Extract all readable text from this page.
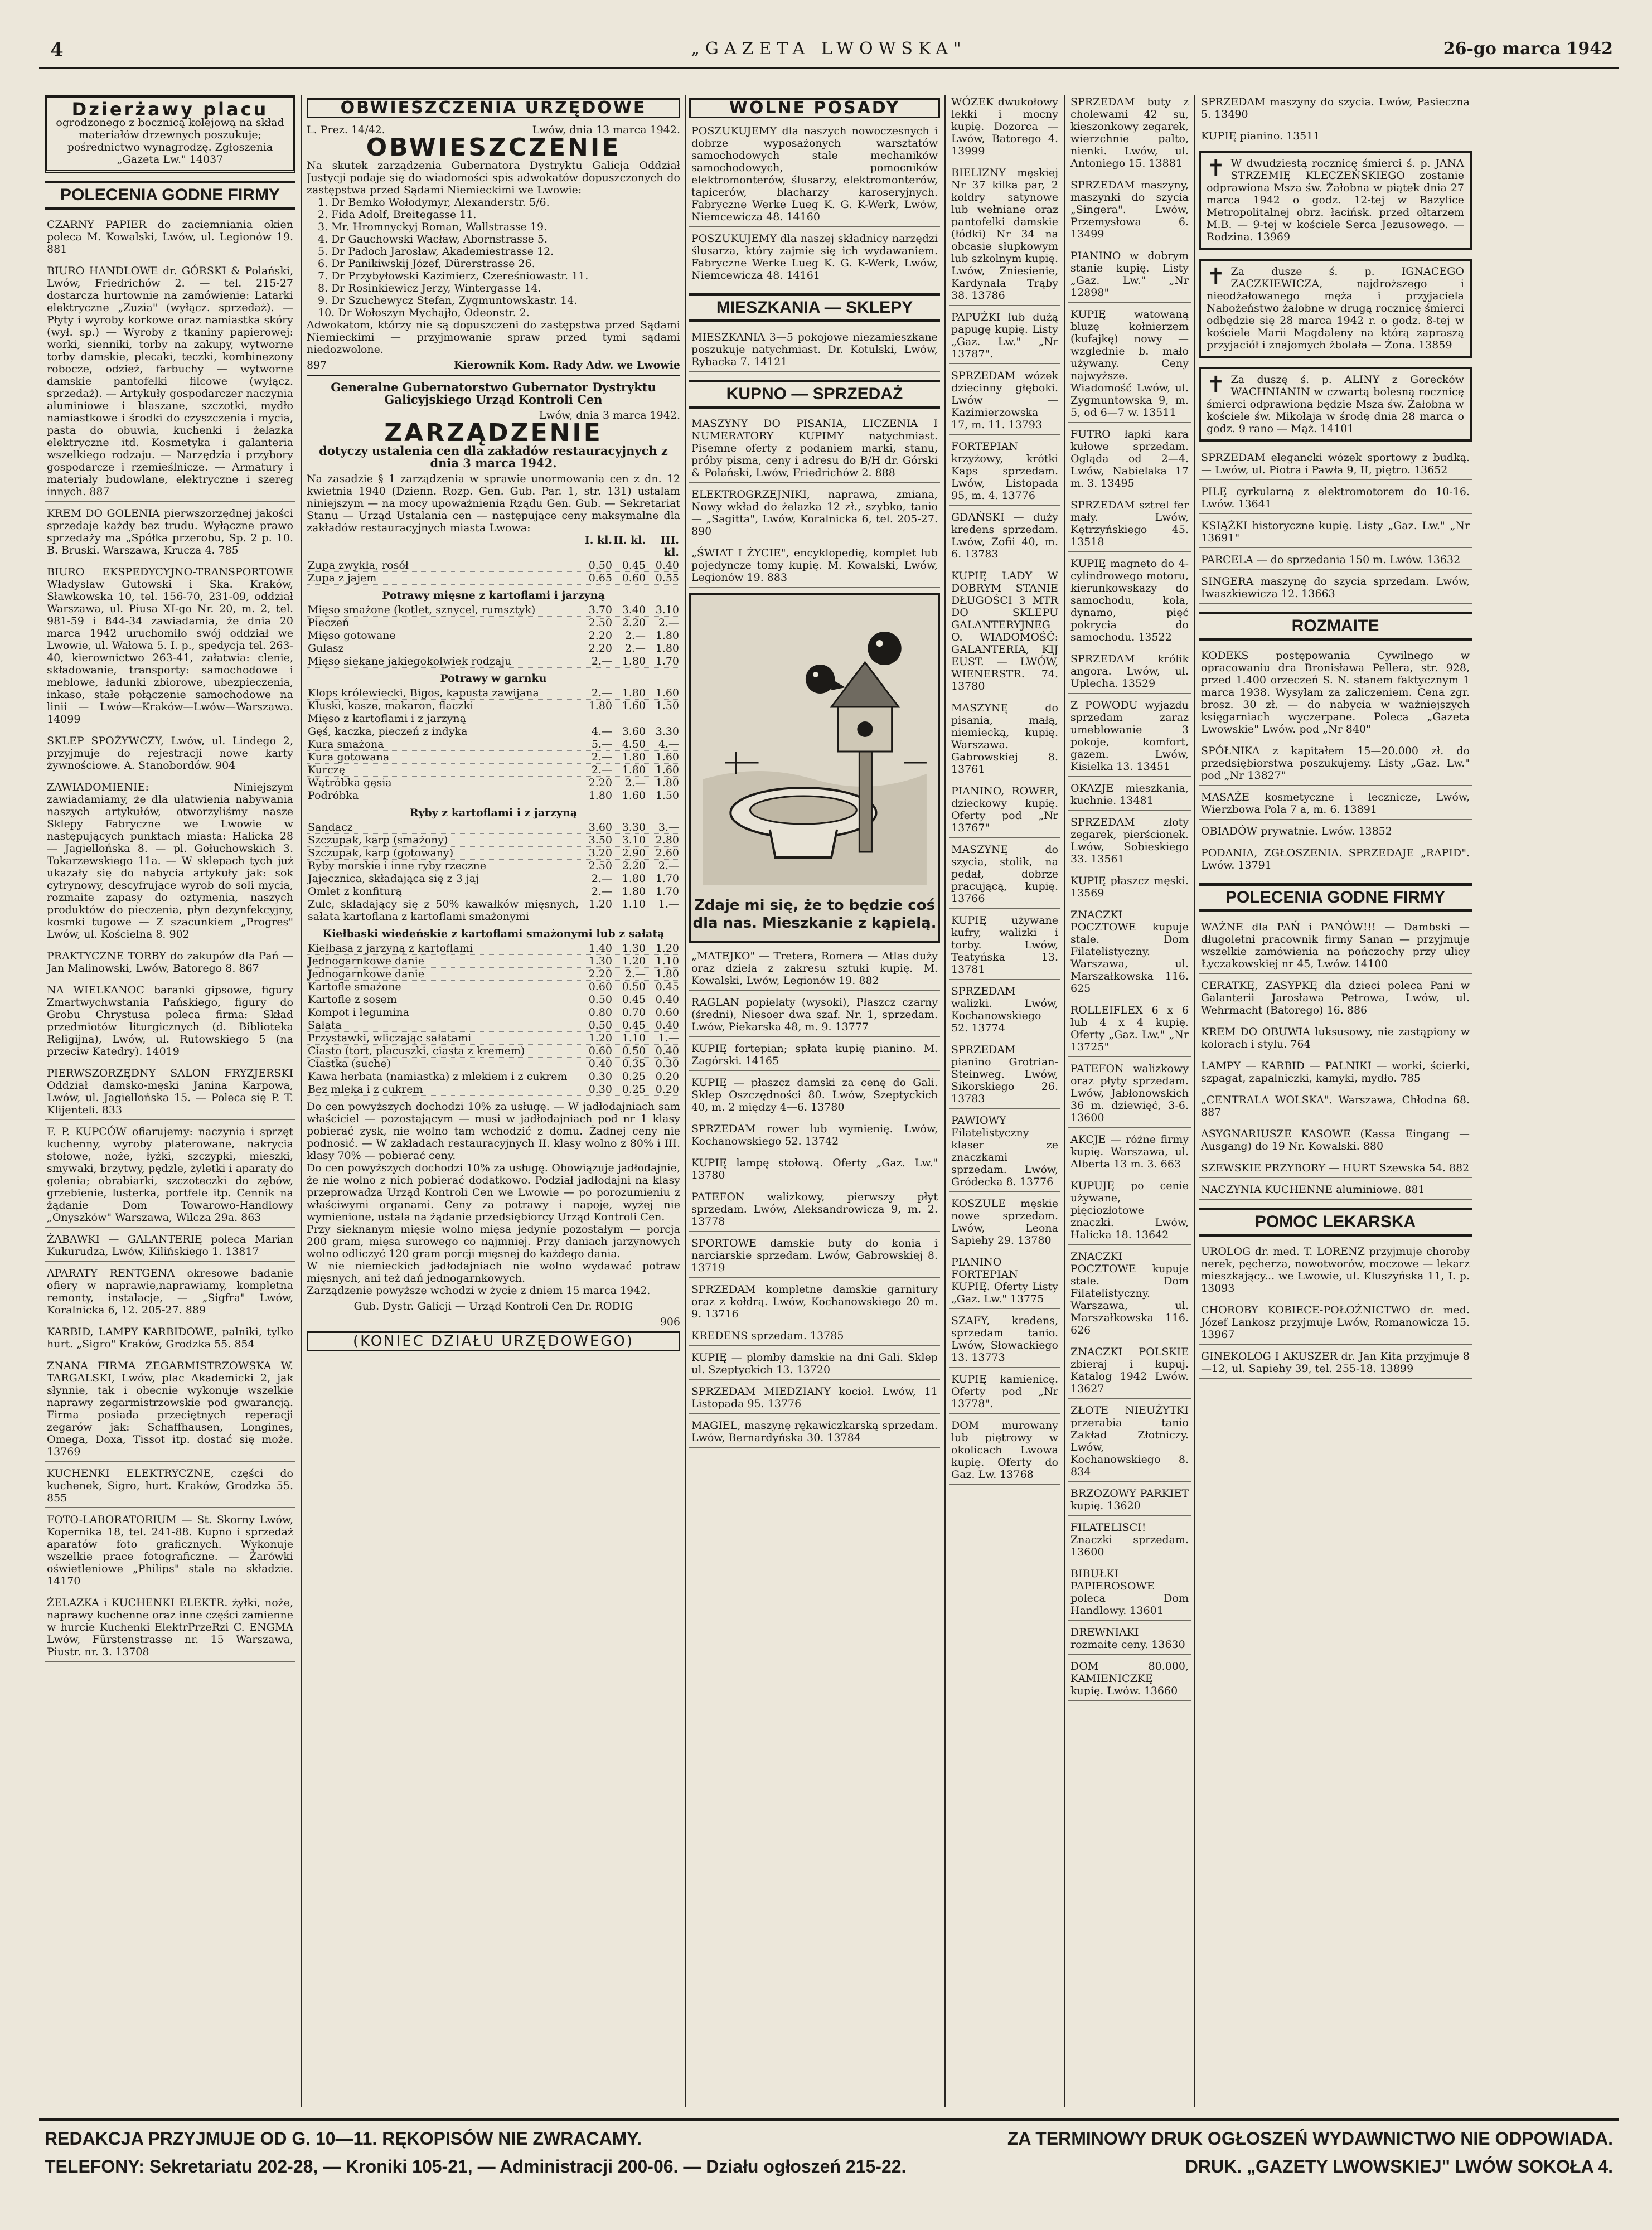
4	„GAZETA LWOWSKA"	26-go marca 1942
Dzierżawy placu
ogrodzonego z bocznicą kolejową na skład materiałów drzewnych poszukuje; pośrednictwo wynagrodzę. Zgłoszenia „Gazeta Lw." 14037
POLECENIA GODNE FIRMY
CZARNY PAPIER do zaciemniania okien poleca M. Kowalski, Lwów, ul. Legionów 19. 881
BIURO HANDLOWE dr. GÓRSKI & Polański, Lwów, Friedrichów 2. — tel. 215-27 dostarcza hurtownie na zamówienie: Latarki elektryczne „Zuzia" (wyłącz. sprzedaż). — Płyty i wyroby korkowe oraz namiastka skóry (wył. sp.) — Wyroby z tkaniny papierowej: worki, sienniki, torby na zakupy, wytworne torby damskie, plecaki, teczki, kombinezony robocze, odzież, farbuchy — wytworne damskie pantofelki filcowe (wyłącz. sprzedaż). — Artykuły gospodarczer naczynia aluminiowe i blaszane, szczotki, mydło namiastkowe i środki do czyszczenia i mycia, pasta do obuwia, kuchenki i żelazka elektryczne itd. Kosmetyka i galanteria wszelkiego rodzaju. — Narzędzia i przybory gospodarcze i rzemieślnicze. — Armatury i materiały budowlane, elektryczne i szereg innych. 887
KREM DO GOLENIA pierwszorzędnej jakości sprzedaje każdy bez trudu. Wyłączne prawo sprzedaży ma „Spółka przerobu, Sp. 2 p. 10. B. Bruski. Warszawa, Krucza 4. 785
BIURO EKSPEDYCYJNO-TRANSPORTOWE Władysław Gutowski i Ska. Kraków, Sławkowska 10, tel. 156-70, 231-09, oddział Warszawa, ul. Piusa XI-go Nr. 20, m. 2, tel. 981-59 i 844-34 zawiadamia, że dnia 20 marca 1942 uruchomiło swój oddział we Lwowie, ul. Wałowa 5. I. p., spedycja tel. 263-40, kierownictwo 263-41, załatwia: clenie, składowanie, transporty: samochodowe i meblowe, ładunki zbiorowe, ubezpieczenia, inkaso, stałe połączenie samochodowe na linii — Lwów—Kraków—Lwów—Warszawa. 14099
SKLEP SPOŻYWCZY, Lwów, ul. Lindego 2, przyjmuje do rejestracji nowe karty żywnościowe. A. Stanobordów. 904
ZAWIADOMIENIE: Niniejszym zawiadamiamy, że dla ułatwienia nabywania naszych artykułów, otworzyliśmy nasze Sklepy Fabryczne we Lwowie w następujących punktach miasta: Halicka 28 — Jagiellońska 8. — pl. Gołuchowskich 3. Tokarzewskiego 11a. — W sklepach tych już ukazały się do nabycia artykuły jak: sok cytrynowy, descyfrujące wyrob do soli mycia, rozmaite zapasy do oztymenia, naszych produktów do pieczenia, płyn dezynfekcyjny, kosmki tugowe — Z szacunkiem „Progres" Lwów, ul. Kościelna 8. 902
PRAKTYCZNE TORBY do zakupów dla Pań — Jan Malinowski, Lwów, Batorego 8. 867
NA WIELKANOC baranki gipsowe, figury Zmartwychwstania Pańskiego, figury do Grobu Chrystusa poleca firma: Skład przedmiotów liturgicznych (d. Biblioteka Religijna), Lwów, ul. Rutowskiego 5 (na przeciw Katedry). 14019
PIERWSZORZĘDNY SALON FRYZJERSKI Oddział damsko-męski Janina Karpowa, Lwów, ul. Jagiellońska 15. — Poleca się P. T. Klijenteli. 833
F. P. KUPCÓW ofiarujemy: naczynia i sprzęt kuchenny, wyroby platerowane, nakrycia stołowe, noże, łyżki, szczypki, mieszki, smywaki, brzytwy, pędzle, żyletki i aparaty do golenia; obrabiarki, szczoteczki do zębów, grzebienie, lusterka, portfele itp. Cennik na żądanie Dom Towarowo-Handlowy „Onyszków" Warszawa, Wilcza 29a. 863
ŻABAWKI — GALANTERIĘ poleca Marian Kukurudza, Lwów, Kilińskiego 1. 13817
APARATY RENTGENA okresowe badanie ofiery w naprawie,naprawiamy, kompletna remonty, instalacje, — „Sigfra" Lwów, Koralnicka 6, 12. 205-27. 889
KARBID, LAMPY KARBIDOWE, palniki, tylko hurt. „Sigro" Kraków, Grodzka 55. 854
ZNANA FIRMA ZEGARMISTRZOWSKA W. TARGALSKI, Lwów, plac Akademicki 2, jak słynnie, tak i obecnie wykonuje wszelkie naprawy zegarmistrzowskie pod gwarancją. Firma posiada przeciętnych reperacji zegarów jak: Schaffhausen, Longines, Omega, Doxa, Tissot itp. dostać się może. 13769
KUCHENKI ELEKTRYCZNE, części do kuchenek, Sigro, hurt. Kraków, Grodzka 55. 855
FOTO-LABORATORIUM — St. Skorny Lwów, Kopernika 18, tel. 241-88. Kupno i sprzedaż aparatów foto graficznych. Wykonuje wszelkie prace fotograficzne. — Żarówki oświetleniowe „Philips" stale na składzie. 14170
ŻELAZKA i KUCHENKI ELEKTR. żyłki, noże, naprawy kuchenne oraz inne części zamienne w hurcie Kuchenki ElektrPrzeRzi C. ENGMA Lwów, Fürstenstrasse nr. 15 Warszawa, Piustr. nr. 3. 13708
OBWIESZCZENIA URZĘDOWE
L. Prez. 14/42.	Lwów, dnia 13 marca 1942.
OBWIESZCZENIE
Na skutek zarządzenia Gubernatora Dystryktu Galicja Oddział Justycji podaje się do wiadomości spis adwokatów dopuszczonych do zastępstwa przed Sądami Niemieckimi we Lwowie:
1. Dr Bemko Wołodymyr, Alexanderstr. 5/6.
2. Fida Adolf, Breitegasse 11.
3. Mr. Hromnyckyj Roman, Wallstrasse 19.
4. Dr Gauchowski Wacław, Abornstrasse 5.
5. Dr Padoch Jarosław, Akademiestrasse 12.
6. Dr Panikiwskij Józef, Dürerstrasse 26.
7. Dr Przybyłowski Kazimierz, Czereśniowastr. 11.
8. Dr Rosinkiewicz Jerzy, Wintergasse 14.
9. Dr Szuchewycz Stefan, Zygmuntowskastr. 14.
10. Dr Wołoszyn Mychajło, Odeonstr. 2.
Adwokatom, którzy nie są dopuszczeni do zastępstwa przed Sądami Niemieckimi — przyjmowanie spraw przed tymi sądami niedozwolone.
897	Kierownik Kom. Rady Adw. we Lwowie
Generalne Gubernatorstwo Gubernator Dystryktu Galicyjskiego Urząd Kontroli Cen
Lwów, dnia 3 marca 1942.
ZARZĄDZENIE
dotyczy ustalenia cen dla zakładów restauracyjnych z dnia 3 marca 1942.
Na zasadzie § 1 zarządzenia w sprawie unormowania cen z dn. 12 kwietnia 1940 (Dzienn. Rozp. Gen. Gub. Par. 1, str. 131) ustalam niniejszym — na mocy upoważnienia Rządu Gen. Gub. — Sekretariat Stanu — Urząd Ustalania cen — następujące ceny maksymalne dla zakładów restauracyjnych miasta Lwowa:
I. kl. II. kl.	III. kl.
Zupa zwykła, rosół	0.50 0.45 0.40
Zupa z jajem	0.65 0.60 0.55
Potrawy mięsne z kartoflami i jarzyną
Mięso smażone (kotlet, sznycel, rumsztyk)	3.70 3.40 3.10
Pieczeń	2.50 2.20	2.—
Mięso gotowane	2.20	2.— 1.80
Gulasz	2.20	2.— 1.80
Mięso siekane jakiegokolwiek rodzaju	2.— 1.80 1.70
Potrawy w garnku
Klops królewiecki, Bigos, kapusta zawijana	2.— 1.80 1.60
Kluski, kasze, makaron, flaczki	1.80 1.60 1.50
Mięso z kartoflami i z jarzyną
Gęś, kaczka, pieczeń z indyka	4.— 3.60 3.30
Kura smażona	5.— 4.50	4.—
Kura gotowana	2.— 1.80 1.60
Kurczę	2.— 1.80 1.60
Wątróbka gęsia	2.20	2.— 1.80
Podróbka	1.80 1.60 1.50
Ryby z kartoflami i z jarzyną
Sandacz	3.60 3.30	3.—
Szczupak, karp (smażony)	3.50 3.10 2.80
Szczupak, karp (gotowany)	3.20 2.90 2.60
Ryby morskie i inne ryby rzeczne	2.50 2.20	2.—
Jajecznica, składająca się z 3 jaj	2.— 1.80 1.70
Omlet z konfiturą	2.— 1.80 1.70
Zulc, składający się z 50% kawałków mięsnych, sałata kartoflana z kartoflami smażonymi
1.20 1.10	1.—
Kiełbaski wiedeńskie z kartoflami smażonymi lub z sałatą
Kiełbasa z jarzyną z kartoflami	1.40 1.30 1.20
Jednogarnkowe danie	1.30 1.20 1.10
Jednogarnkowe danie	2.20	2.— 1.80
Kartofle smażone	0.60 0.50 0.45
Kartofle z sosem	0.50 0.45 0.40
Kompot i legumina	0.80 0.70 0.60
Sałata	0.50 0.45 0.40
Przystawki, wliczając sałatami	1.20 1.10	1.—
Ciasto (tort, placuszki, ciasta z kremem)	0.60 0.50 0.40
Ciastka (suche)	0.40 0.35 0.30
Kawa herbata (namiastka) z mlekiem i z cukrem	0.30 0.25 0.20
Bez mleka i z cukrem	0.30 0.25 0.20
Do cen powyższych dochodzi 10% za usługę. — W jadłodajniach sam właściciel — pozostającym — musi w jadłodajniach pod nr 1 klasy pobierać zysk, nie wolno tam wchodzić z domu. Żadnej ceny nie podnosić. — W zakładach restauracyjnych II. klasy wolno z 80% i III. klasy 70% — pobierać ceny.
Do cen powyższych dochodzi 10% za usługę. Obowiązuje jadłodajnie, że nie wolno z nich pobierać dodatkowo. Podział jadłodajni na klasy przeprowadza Urząd Kontroli Cen we Lwowie — po porozumieniu z właściwymi organami. Ceny za potrawy i napoje, wyżej nie wymienione, ustala na żądanie przedsiębiorcy Urząd Kontroli Cen.
Przy sieknanym mięsie wolno mięsa jedynie pozostałym — porcja 200 gram, mięsa surowego co najmniej. Przy daniach jarzynowych wolno odliczyć 120 gram porcji mięsnej do każdego dania.
W nie niemieckich jadłodajniach nie wolno wydawać potraw mięsnych, ani też dań jednogarnkowych.
Zarządzenie powyższe wchodzi w życie z dniem 15 marca 1942.
Gub. Dystr. Galicji — Urząd Kontroli Cen Dr. RODIG
906
(KONIEC DZIAŁU URZĘDOWEGO)
WOLNE POSADY
POSZUKUJEMY dla naszych nowoczesnych i dobrze wyposażonych warsztatów samochodowych stale mechaników samochodowych, pomocników elektromonterów, ślusarzy, elektromonterów, tapicerów, blacharzy karoseryjnych. Fabryczne Werke Lueg K. G. K-Werk, Lwów, Niemcewicza 48. 14160
POSZUKUJEMY dla naszej składnicy narzędzi ślusarza, który zajmie się ich wydawaniem. Fabryczne Werke Lueg K. G. K-Werk, Lwów, Niemcewicza 48. 14161
MIESZKANIA — SKLEPY
MIESZKANIA 3—5 pokojowe niezamieszkane poszukuje natychmiast. Dr. Kotulski, Lwów, Rybacka 7. 14121
KUPNO — SPRZEDAŻ
MASZYNY DO PISANIA, LICZENIA I NUMERATORY KUPIMY natychmiast. Pisemne oferty z podaniem marki, stanu, próby pisma, ceny i adresu do B/H dr. Górski & Polański, Lwów, Friedrichów 2. 888
ELEKTROGRZEJNIKI, naprawa, zmiana, Nowy wkład do żelazka 12 zł., szybko, tanio — „Sagitta", Lwów, Koralnicka 6, tel. 205-27. 890
„ŚWIAT I ŻYCIE", encyklopedię, komplet lub pojedyncze tomy kupię. M. Kowalski, Lwów, Legionów 19. 883
Zdaje mi się, że to będzie coś dla nas. Mieszkanie z kąpielą.
„MATEJKO" — Tretera, Romera — Atlas duży oraz dzieła z zakresu sztuki kupię. M. Kowalski, Lwów, Legionów 19. 882
RAGLAN popielaty (wysoki), Płaszcz czarny (średni), Niesoer dwa szaf. Nr. 1, sprzedam. Lwów, Piekarska 48, m. 9. 13777
KUPIĘ fortepian; spłata kupię pianino. M. Zagórski. 14165
KUPIĘ — płaszcz damski za cenę do Gali. Sklep Oszczędności 80. Lwów, Szeptyckich 40, m. 2 między 4—6. 13780
SPRZEDAM rower lub wymienię. Lwów, Kochanowskiego 52. 13742
KUPIĘ lampę stołową. Oferty „Gaz. Lw." 13780
PATEFON walizkowy, pierwszy płyt sprzedam. Lwów, Aleksandrowicza 9, m. 2. 13778
SPORTOWE damskie buty do konia i narciarskie sprzedam. Lwów, Gabrowskiej 8. 13719
SPRZEDAM kompletne damskie garnitury oraz z kołdrą. Lwów, Kochanowskiego 20 m. 9. 13716
KREDENS sprzedam. 13785
KUPIĘ — plomby damskie na dni Gali. Sklep ul. Szeptyckich 13. 13720
SPRZEDAM MIEDZIANY kocioł. Lwów, 11 Listopada 95. 13776
MAGIEL, maszynę rękawiczkarską sprzedam. Lwów, Bernardyńska 30. 13784
WÓZEK dwukołowy lekki i mocny kupię. Dozorca — Lwów, Batorego 4. 13999
BIELIZNY męskiej Nr 37 kilka par, 2 koldry satynowe lub wełniane oraz pantofelki damskie (łódki) Nr 34 na obcasie słupkowym lub szkolnym kupię. Lwów, Zniesienie, Kardynała Trąby 38. 13786
PAPUŻKI lub dużą papugę kupię. Listy „Gaz. Lw." „Nr 13787".
SPRZEDAM wózek dziecinny głęboki. Lwów — Kazimierzowska 17, m. 11. 13793
FORTEPIAN krzyżowy, krótki Kaps sprzedam. Lwów, Listopada 95, m. 4. 13776
GDAŃSKI — duży kredens sprzedam. Lwów, Zofii 40, m. 6. 13783
KUPIĘ LADY W DOBRYM STANIE DŁUGOŚCI 3 MTR DO SKLEPU GALANTERYJNEGO. WIADOMOŚĆ: GALANTERIA, KIJ EUST. — LWÓW, WIENERSTR. 74. 13780
MASZYNĘ do pisania, małą, niemiecką, kupię. Warszawa. Gabrowskiej 8. 13761
PIANINO, ROWER, dzieckowy kupię. Oferty pod „Nr 13767"
MASZYNĘ do szycia, stolik, na pedał, dobrze pracującą, kupię. 13766
KUPIĘ używane kufry, walizki i torby. Lwów, Teatyńska 13. 13781
SPRZEDAM walizki. Lwów, Kochanowskiego 52. 13774
SPRZEDAM pianino Grotrian-Steinweg. Lwów, Sikorskiego 26. 13783
PAWIOWY Filatelistyczny klaser ze znaczkami sprzedam. Lwów, Gródecka 8. 13776
KOSZULE męskie nowe sprzedam. Lwów, Leona Sapiehy 29. 13780
PIANINO FORTEPIAN KUPIĘ. Oferty Listy „Gaz. Lw." 13775
SZAFY, kredens, sprzedam tanio. Lwów, Słowackiego 13. 13773
KUPIĘ kamienicę. Oferty pod „Nr 13778".
DOM murowany lub piętrowy w okolicach Lwowa kupię. Oferty do Gaz. Lw. 13768
SPRZEDAM buty z cholewami 42 su, kieszonkowy zegarek, wierzchnie palto, nienki. Lwów, ul. Antoniego 15. 13881
SPRZEDAM maszyny, maszynki do szycia „Singera". Lwów, Przemysłowa 6. 13499
PIANINO w dobrym stanie kupię. Listy „Gaz. Lw." „Nr 12898"
KUPIĘ watowaną bluzę kołnierzem (kufajkę) nowy — wzglednie b. mało używany. Ceny najwyższe. Wiadomość Lwów, ul. Zygmuntowska 9, m. 5, od 6—7 w. 13511
FUTRO łapki kara kułowe sprzedam. Ogląda od 2—4. Lwów, Nabielaka 17 m. 3. 13495
SPRZEDAM sztrel fer mały. Lwów, Kętrzyńskiego 45. 13518
KUPIĘ magneto do 4-cylindrowego motoru, kierunkowskazy do samochodu, koła, dynamo, pięć pokrycia do samochodu. 13522
SPRZEDAM królik angora. Lwów, ul. Uplecha. 13529
Z POWODU wyjazdu sprzedam zaraz umeblowanie 3 pokoje, komfort, gazem. Lwów, Kisielka 13. 13451
OKAZJE mieszkania, kuchnie. 13481
SPRZEDAM złoty zegarek, pierścionek. Lwów, Sobieskiego 33. 13561
KUPIĘ płaszcz męski. 13569
ZNACZKI POCZTOWE kupuje stale. Dom Filatelistyczny. Warszawa, ul. Marszałkowska 116. 625
ROLLEIFLEX 6 x 6 lub 4 x 4 kupię. Oferty „Gaz. Lw." „Nr 13725"
PATEFON walizkowy oraz płyty sprzedam. Lwów, Jabłonowskich 36 m. dziewięć, 3-6. 13600
AKCJE — różne firmy kupię. Warszawa, ul. Alberta 13 m. 3. 663
KUPUJĘ po cenie używane, pięciozłotowe znaczki. Lwów, Halicka 18. 13642
ZNACZKI POCZTOWE kupuje stale. Dom Filatelistyczny. Warszawa, ul. Marszałkowska 116. 626
ZNACZKI POLSKIE zbieraj i kupuj. Katalog 1942 Lwów. 13627
ZŁOTE NIEUŻYTKI przerabia tanio Zakład Złotniczy. Lwów, Kochanowskiego 8. 834
BRZOZOWY PARKIET kupię. 13620
FILATELISCI! Znaczki sprzedam. 13600
BIBUŁKI PAPIEROSOWE poleca Dom Handlowy. 13601
DREWNIAKI rozmaite ceny. 13630
DOM 80.000, KAMIENICZKĘ kupię. Lwów. 13660
SPRZEDAM maszyny do szycia. Lwów, Pasieczna 5. 13490
KUPIĘ pianino. 13511
✝ W dwudziestą rocznicę śmierci ś. p. JANA STRZEMIĘ KLECZEŃSKIEGO zostanie odprawiona Msza św. Żałobna w piątek dnia 27 marca 1942 o godz. 12-tej w Bazylice Metropolitalnej obrz. łacińsk. przed ołtarzem M.B. — 9-tej w kościele Serca Jezusowego. — Rodzina. 13969
✝ Za dusze ś. p. IGNACEGO ZACZKIEWICZA, najdroższego i nieodżałowanego męża i przyjaciela Nabożeństwo żałobne w drugą rocznicę śmierci odbędzie się 28 marca 1942 r. o godz. 8-tej w kościele Marii Magdaleny na którą zapraszą przyjaciół i znajomych żbolała — Żona. 13859
✝ Za duszę ś. p. ALINY z Gorecków WACHNIANIN w czwartą bolesną rocznicę śmierci odprawiona będzie Msza św. Żałobna w kościele św. Mikołaja w środę dnia 28 marca o godz. 9 rano — Mąż. 14101
SPRZEDAM elegancki wózek sportowy z budką. — Lwów, ul. Piotra i Pawła 9, II, piętro. 13652
PILĘ cyrkularną z elektromotorem do 10-16. Lwów. 13641
KSIĄŻKI historyczne kupię. Listy „Gaz. Lw." „Nr 13691"
PARCELA — do sprzedania 150 m. Lwów. 13632
SINGERA maszynę do szycia sprzedam. Lwów, Iwaszkiewicza 12. 13663
ROZMAITE
KODEKS postępowania Cywilnego w opracowaniu dra Bronisława Pellera, str. 928, przed 1.400 orzeczeń S. N. stanem faktycznym 1 marca 1938. Wysyłam za zaliczeniem. Cena zgr. brosz. 30 zł. — do nabycia w ważniejszych księgarniach wyczerpane. Poleca „Gazeta Lwowskie" Lwów. pod „Nr 840"
SPÓŁNIKA z kapitałem 15—20.000 zł. do przedsiębiorstwa poszukujemy. Listy „Gaz. Lw." pod „Nr 13827"
MASAŻE kosmetyczne i lecznicze, Lwów, Wierzbowa Pola 7 a, m. 6. 13891
OBIADÓW prywatnie. Lwów. 13852
PODANIA, ZGŁOSZENIA. SPRZEDAJE „RAPID". Lwów. 13791
POLECENIA GODNE FIRMY
WAŻNE dla PAŃ i PANÓW!!! — Dambski — długoletni pracownik firmy Sanan — przyjmuje wszelkie zamówienia na pończochy przy ulicy Łyczakowskiej nr 45, Lwów. 14100
CERATKĘ, ZASYPKĘ dla dzieci poleca Pani w Galanterii Jarosława Petrowa, Lwów, ul. Wehrmacht (Batorego) 16. 886
KREM DO OBUWIA luksusowy, nie zastąpiony w kolorach i stylu. 764
LAMPY — KARBID — PALNIKI — worki, ścierki, szpagat, zapalniczki, kamyki, mydło. 785
„CENTRALA WOLSKA". Warszawa, Chłodna 68. 887
ASYGNARIUSZE KASOWE (Kassa Eingang — Ausgang) do 19 Nr. Kowalski. 880
SZEWSKIE PRZYBORY — HURT Szewska 54. 882
NACZYNIA KUCHENNE aluminiowe. 881
POMOC LEKARSKA
UROLOG dr. med. T. LORENZ przyjmuje choroby nerek, pęcherza, nowotworów, moczowe — lekarz mieszkający... we Lwowie, ul. Kluszyńska 11, I. p. 13093
CHOROBY KOBIECE-POŁOŻNICTWO dr. med. Józef Lankosz przyjmuje Lwów, Romanowicza 15. 13967
GINEKOLOG I AKUSZER dr. Jan Kita przyjmuje 8—12, ul. Sapiehy 39, tel. 255-18. 13899
REDAKCJA PRZYJMUJE OD G. 10—11. RĘKOPISÓW NIE ZWRACAMY.
TELEFONY: Sekretariatu 202-28, — Kroniki 105-21, — Administracji 200-06. — Działu ogłoszeń 215-22.
ZA TERMINOWY DRUK OGŁOSZEŃ WYDAWNICTWO NIE ODPOWIADA.
DRUK. „GAZETY LWOWSKIEJ" LWÓW SOKOŁA 4.
